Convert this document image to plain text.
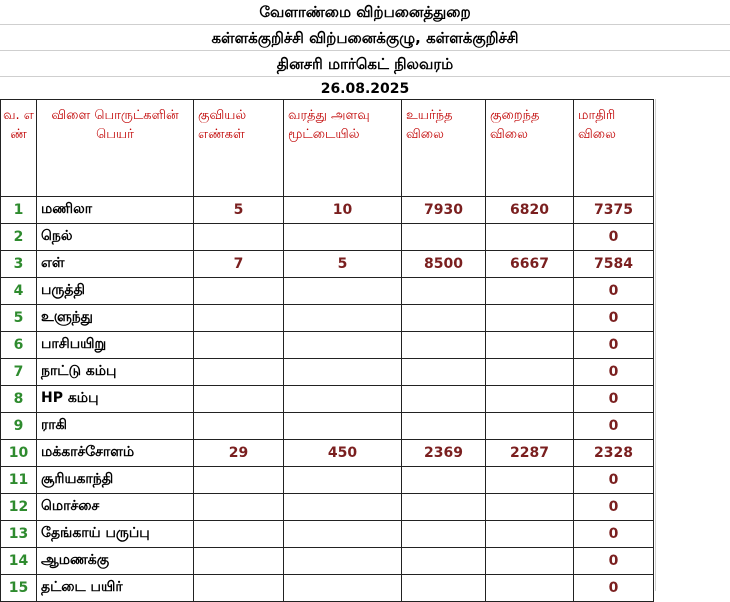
வேளாண்மை விற்பனைத்துறை
கள்ளக்குறிச்சி விற்பனைக்குழு, கள்ளக்குறிச்சி
தினசரி மார்கெட் நிலவரம்
26.08.2025
வ. எ ண்	விளை பொருட்களின் பெயர்	குவியல் எண்கள்	வரத்து அளவு மூட்டையில்	உயர்ந்த விலை	குறைந்த விலை	மாதிரி விலை
1	மணிலா	5	10	7930	6820	7375
2	நெல்					0
3	எள்	7	5	8500	6667	7584
4	பருத்தி					0
5	உளுந்து					0
6	பாசிபயிறு					0
7	நாட்டு கம்பு					0
8	HP கம்பு					0
9	ராகி					0
10	மக்காச்சோளம்	29	450	2369	2287	2328
11	சூரியகாந்தி					0
12	மொச்சை					0
13	தேங்காய் பருப்பு					0
14	ஆமணக்கு					0
15	தட்டை பயிர்					0
